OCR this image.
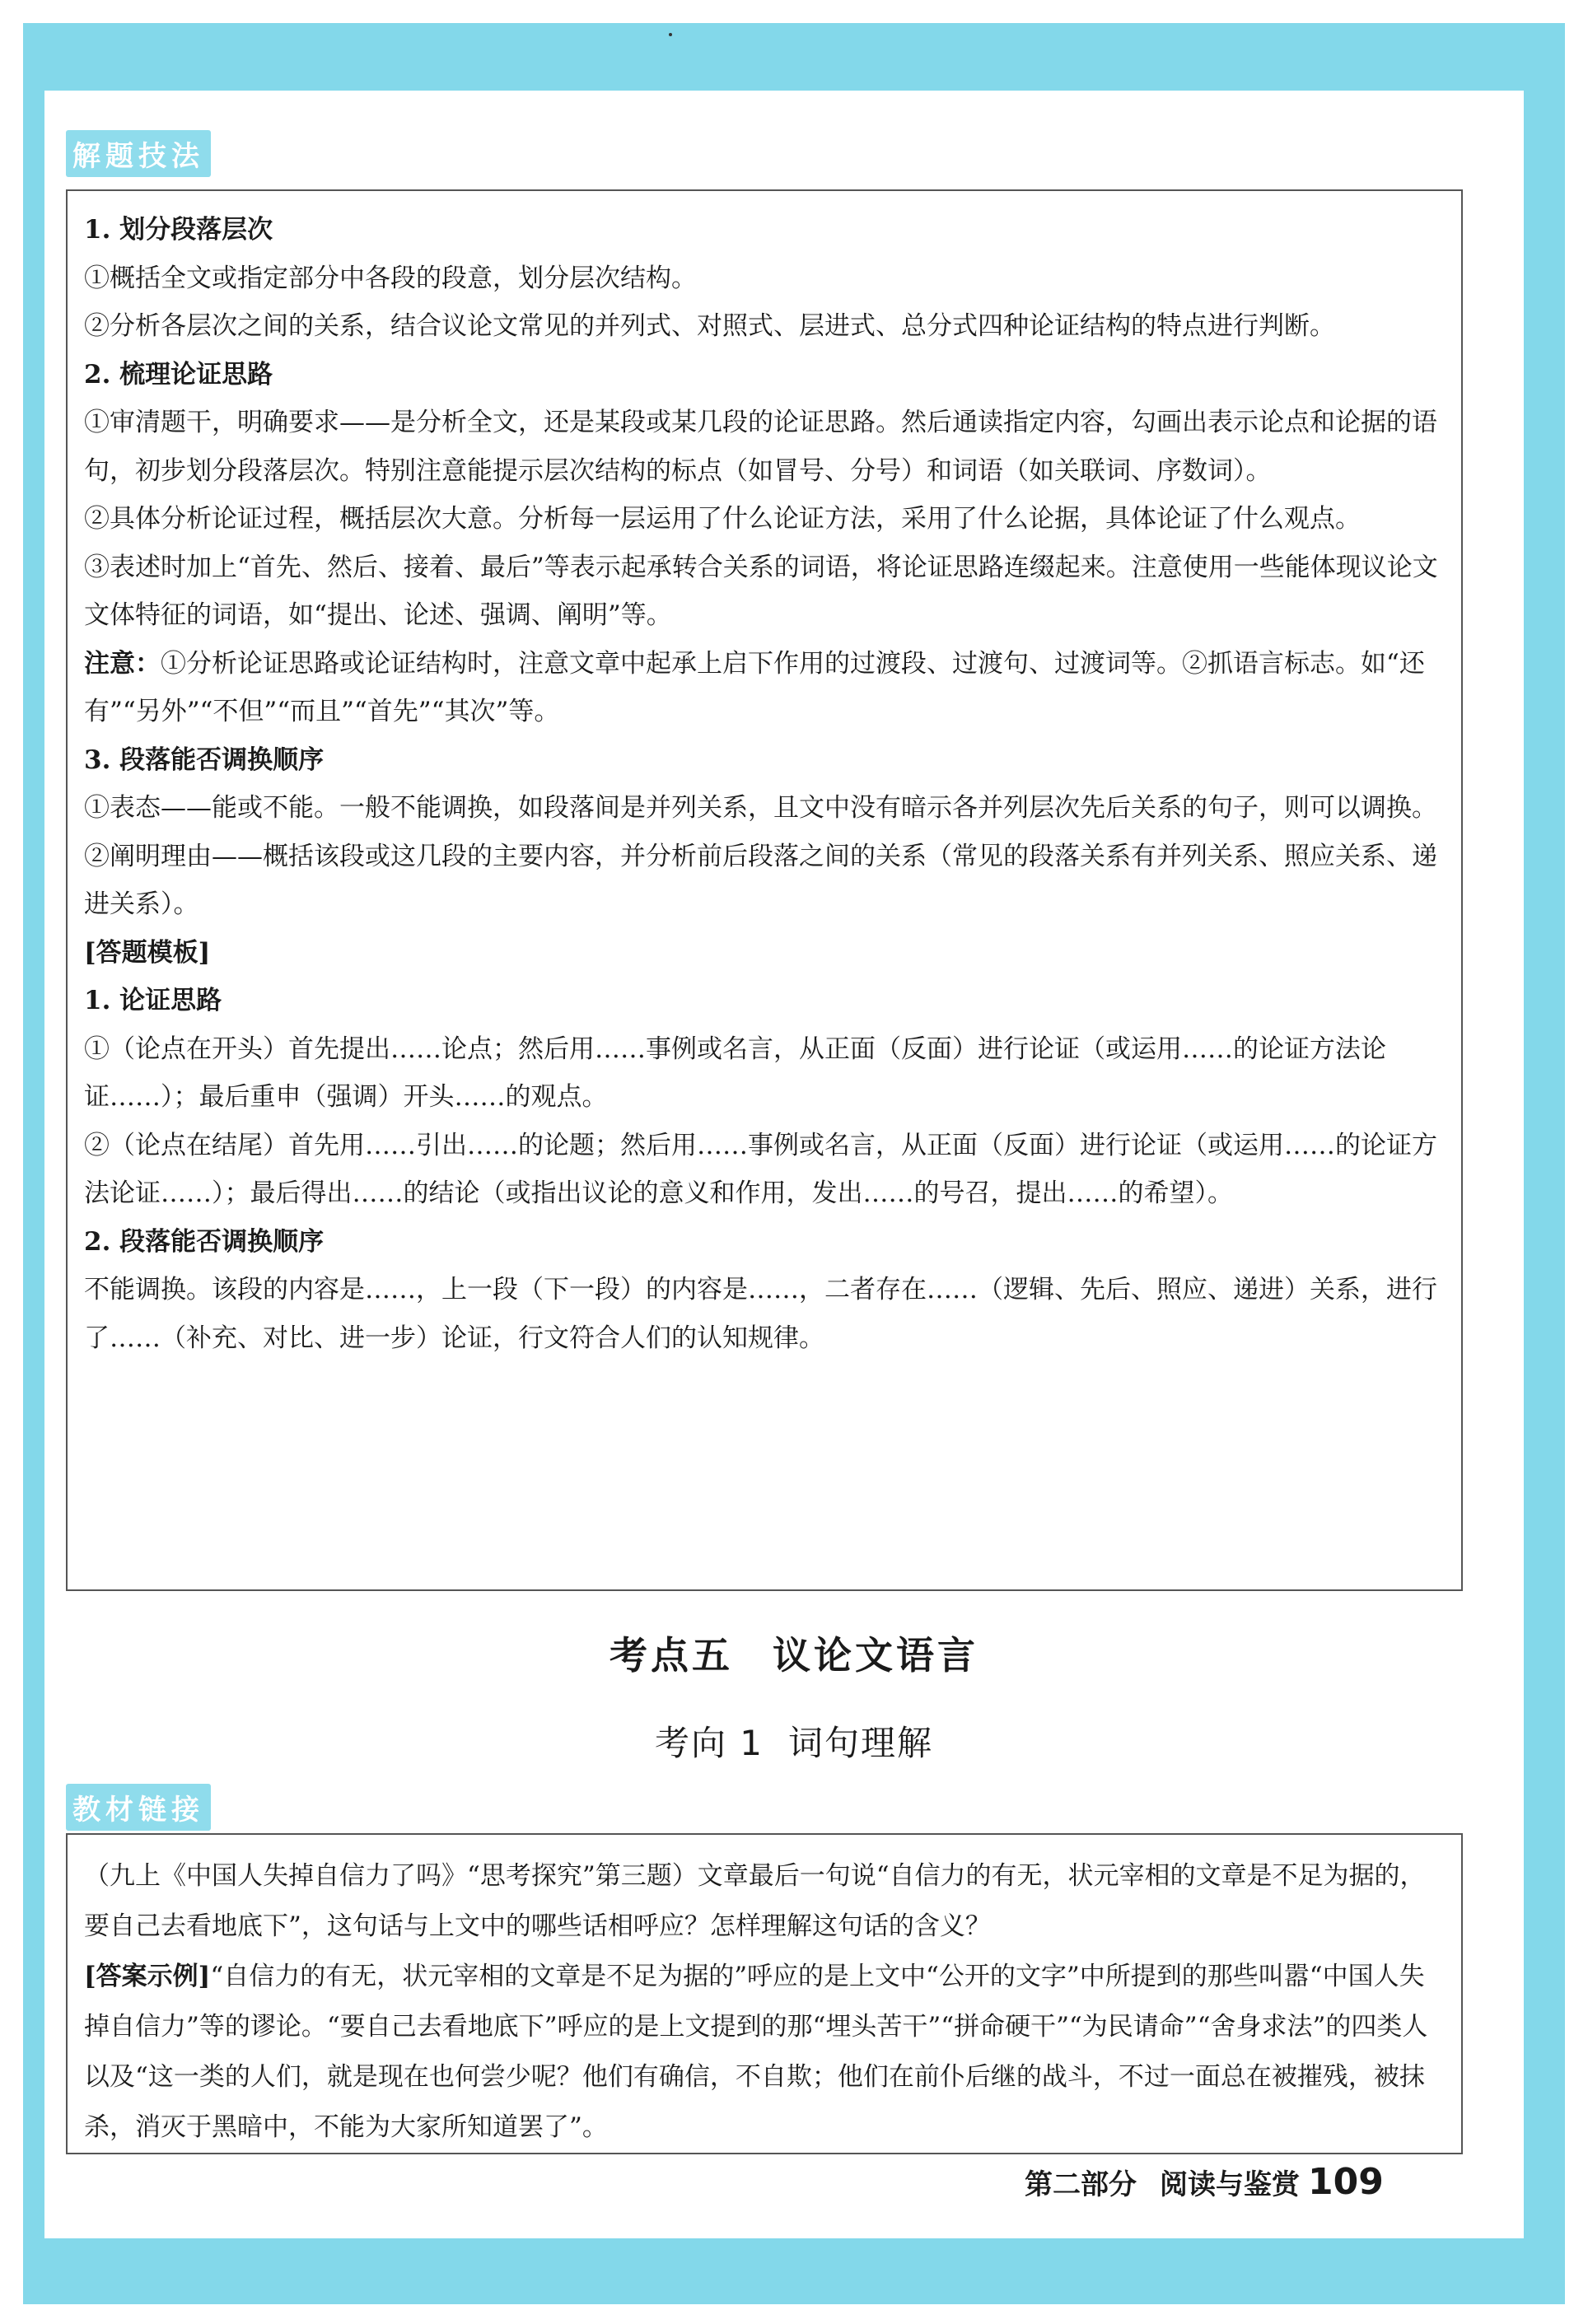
解题技法

1. 划分段落层次

①概括全文或指定部分中各段的段意，划分层次结构。

②分析各层次之间的关系，结合议论文常见的并列式、对照式、层进式、总分式四种论证结构的特点进行判断。

2. 梳理论证思路

①审清题干，明确要求——是分析全文，还是某段或某几段的论证思路。然后通读指定内容，勾画出表示论点和论据的语句，初步划分段落层次。特别注意能提示层次结构的标点（如冒号、分号）和词语（如关联词、序数词）。

②具体分析论证过程，概括层次大意。分析每一层运用了什么论证方法，采用了什么论据，具体论证了什么观点。

③表述时加上“首先、然后、接着、最后”等表示起承转合关系的词语，将论证思路连缀起来。注意使用一些能体现议论文文体特征的词语，如“提出、论述、强调、阐明”等。

注意：①分析论证思路或论证结构时，注意文章中起承上启下作用的过渡段、过渡句、过渡词等。②抓语言标志。如“还有”“另外”“不但”“而且”“首先”“其次”等。

3. 段落能否调换顺序

①表态——能或不能。一般不能调换，如段落间是并列关系，且文中没有暗示各并列层次先后关系的句子，则可以调换。

②阐明理由——概括该段或这几段的主要内容，并分析前后段落之间的关系（常见的段落关系有并列关系、照应关系、递进关系）。

[答题模板]

1. 论证思路

①（论点在开头）首先提出……论点；然后用……事例或名言，从正面（反面）进行论证（或运用……的论证方法论证……）；最后重申（强调）开头……的观点。

②（论点在结尾）首先用……引出……的论题；然后用……事例或名言，从正面（反面）进行论证（或运用……的论证方法论证……）；最后得出……的结论（或指出议论的意义和作用，发出……的号召，提出……的希望）。

2. 段落能否调换顺序

不能调换。该段的内容是……，上一段（下一段）的内容是……，二者存在……（逻辑、先后、照应、递进）关系，进行了……（补充、对比、进一步）论证，行文符合人们的认知规律。

考点五 议论文语言
考向 1 词句理解
教材链接

（九上《中国人失掉自信力了吗》“思考探究”第三题）文章最后一句说“自信力的有无，状元宰相的文章是不足为据的，要自己去看地底下”，这句话与上文中的哪些话相呼应？怎样理解这句话的含义？

[答案示例]“自信力的有无，状元宰相的文章是不足为据的”呼应的是上文中“公开的文字”中所提到的那些叫嚣“中国人失掉自信力”等的谬论。“要自己去看地底下”呼应的是上文提到的那“埋头苦干”“拼命硬干”“为民请命”“舍身求法”的四类人以及“这一类的人们，就是现在也何尝少呢？他们有确信，不自欺；他们在前仆后继的战斗，不过一面总在被摧残，被抹杀，消灭于黑暗中，不能为大家所知道罢了”。

第二部分 阅读与鉴赏 109
